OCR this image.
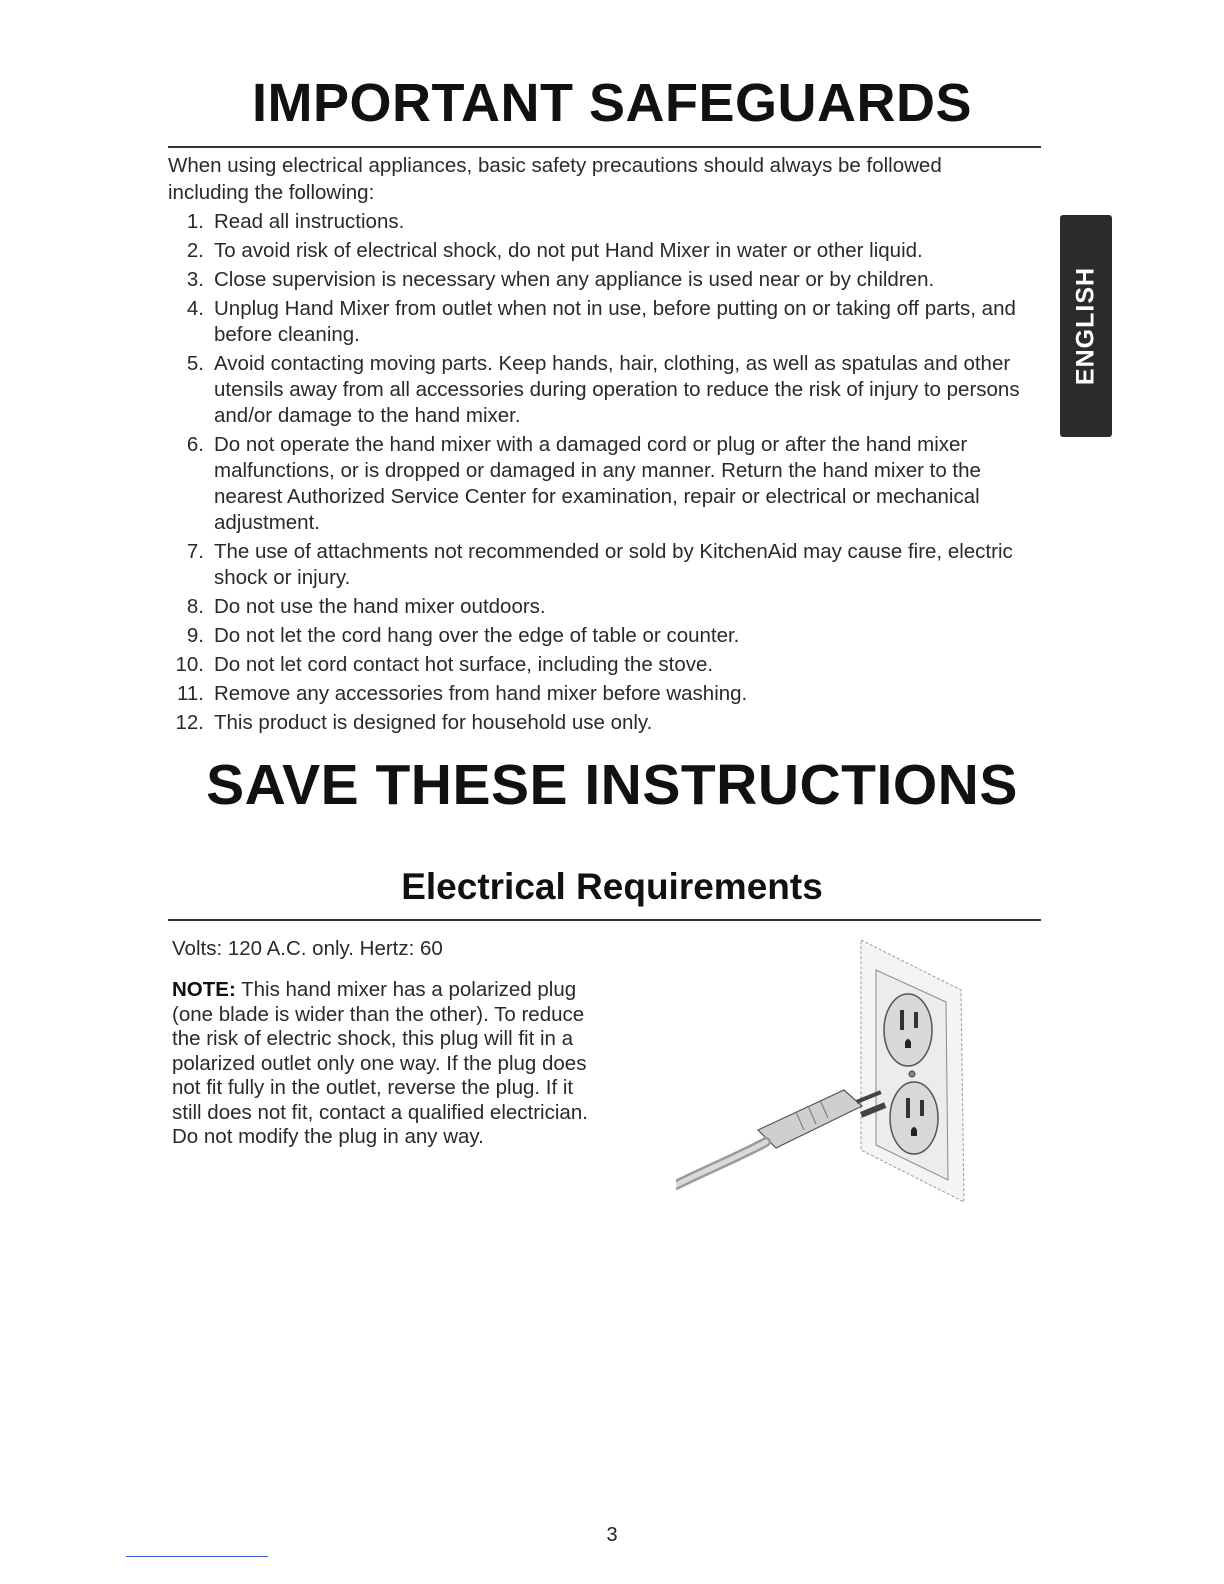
IMPORTANT SAFEGUARDS

When using electrical appliances, basic safety precautions should always be followed including the following:

1. Read all instructions.
2. To avoid risk of electrical shock, do not put Hand Mixer in water or other liquid.
3. Close supervision is necessary when any appliance is used near or by children.
4. Unplug Hand Mixer from outlet when not in use, before putting on or taking off parts, and before cleaning.
5. Avoid contacting moving parts. Keep hands, hair, clothing, as well as spatulas and other utensils away from all accessories during operation to reduce the risk of injury to persons and/or damage to the hand mixer.
6. Do not operate the hand mixer with a damaged cord or plug or after the hand mixer malfunctions, or is dropped or damaged in any manner. Return the hand mixer to the nearest Authorized Service Center for examination, repair or electrical or mechanical adjustment.
7. The use of attachments not recommended or sold by KitchenAid may cause fire, electric shock or injury.
8. Do not use the hand mixer outdoors.
9. Do not let the cord hang over the edge of table or counter.
10. Do not let cord contact hot surface, including the stove.
11. Remove any accessories from hand mixer before washing.
12. This product is designed for household use only.
SAVE THESE INSTRUCTIONS
Electrical Requirements

Volts: 120 A.C. only. Hertz: 60

NOTE: This hand mixer has a polarized plug (one blade is wider than the other). To reduce the risk of electric shock, this plug will fit in a polarized outlet only one way. If the plug does not fit fully in the outlet, reverse the plug. If it still does not fit, contact a qualified electrician. Do not modify the plug in any way.

ENGLISH
3
